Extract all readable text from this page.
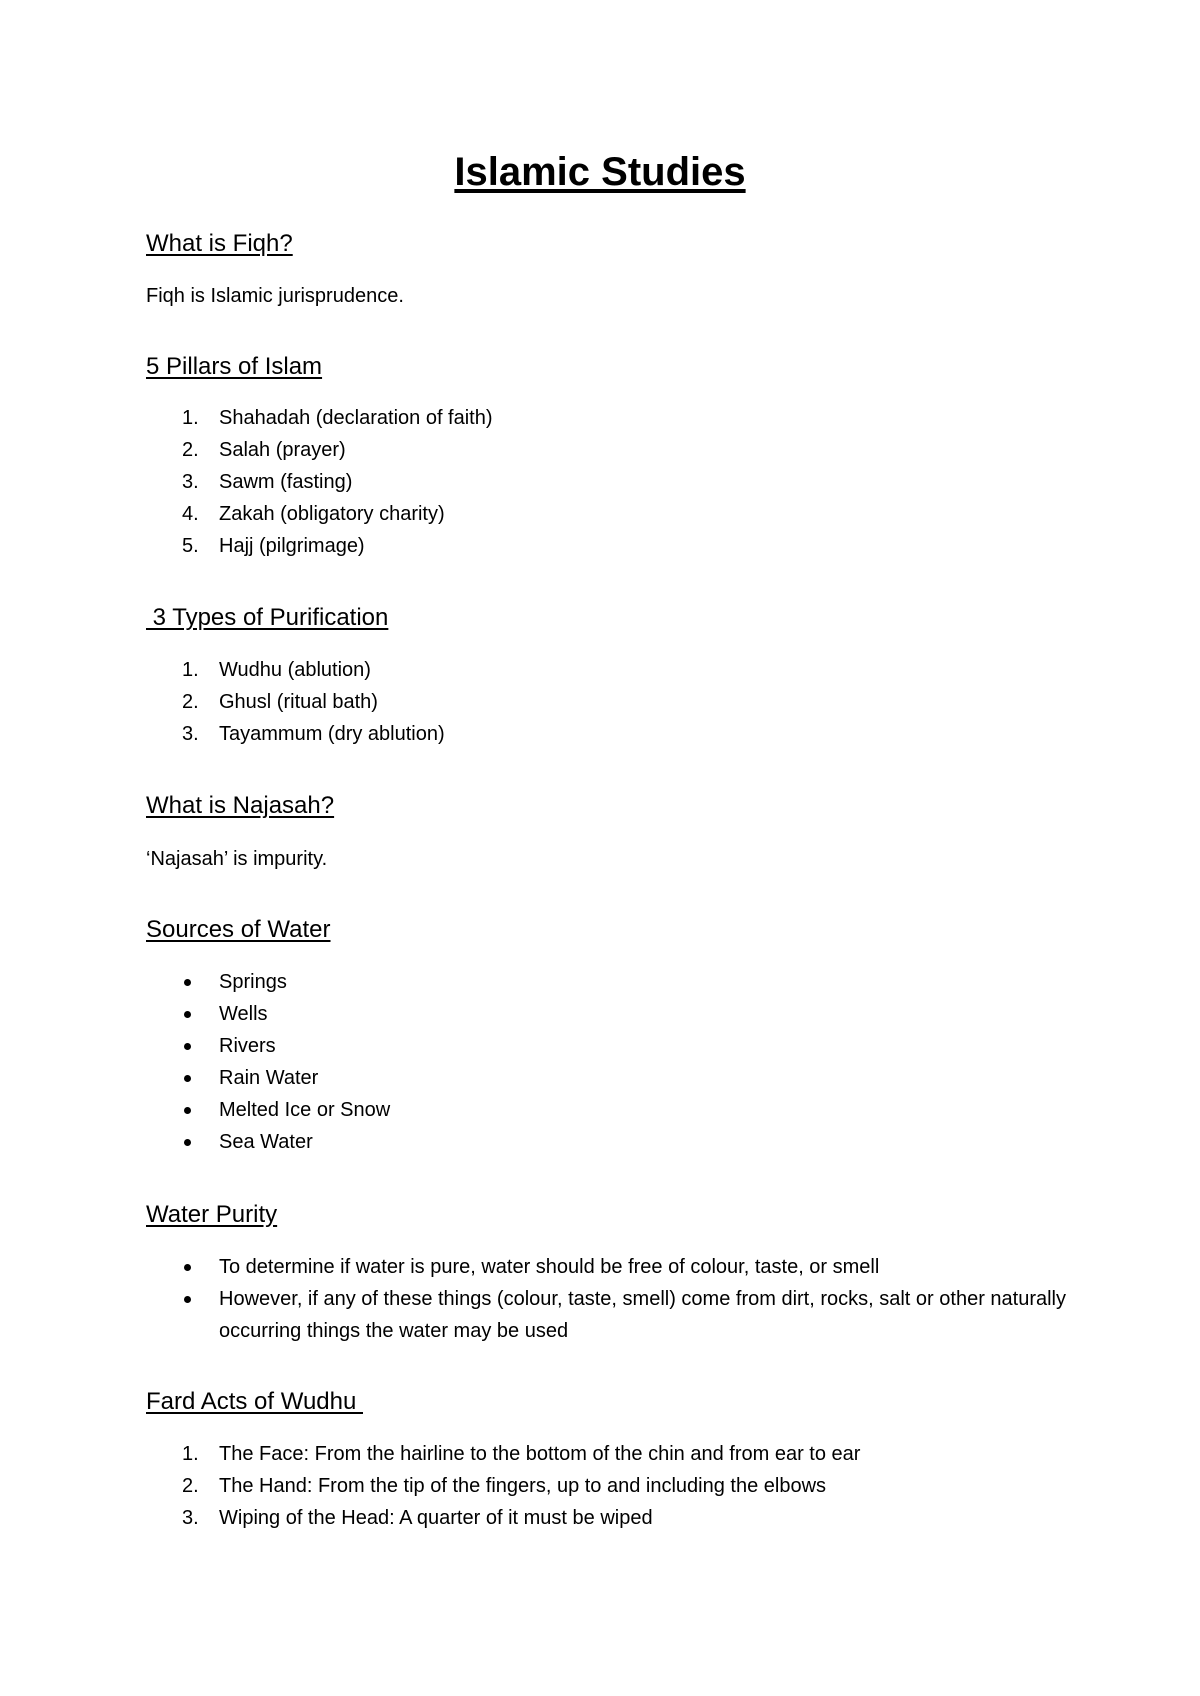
Islamic Studies
What is Fiqh?

Fiqh is Islamic jurisprudence.

5 Pillars of Islam
1. Shahadah (declaration of faith)
2. Salah (prayer)
3. Sawm (fasting)
4. Zakah (obligatory charity)
5. Hajj (pilgrimage)
3 Types of Purification
1. Wudhu (ablution)
2. Ghusl (ritual bath)
3. Tayammum (dry ablution)
What is Najasah?

‘Najasah’ is impurity.

Sources of Water
Springs
Wells
Rivers
Rain Water
Melted Ice or Snow
Sea Water
Water Purity
To determine if water is pure, water should be free of colour, taste, or smell
However, if any of these things (colour, taste, smell) come from dirt, rocks, salt or other naturally occurring things the water may be used
Fard Acts of Wudhu
1. The Face: From the hairline to the bottom of the chin and from ear to ear
2. The Hand: From the tip of the fingers, up to and including the elbows
3. Wiping of the Head: A quarter of it must be wiped
